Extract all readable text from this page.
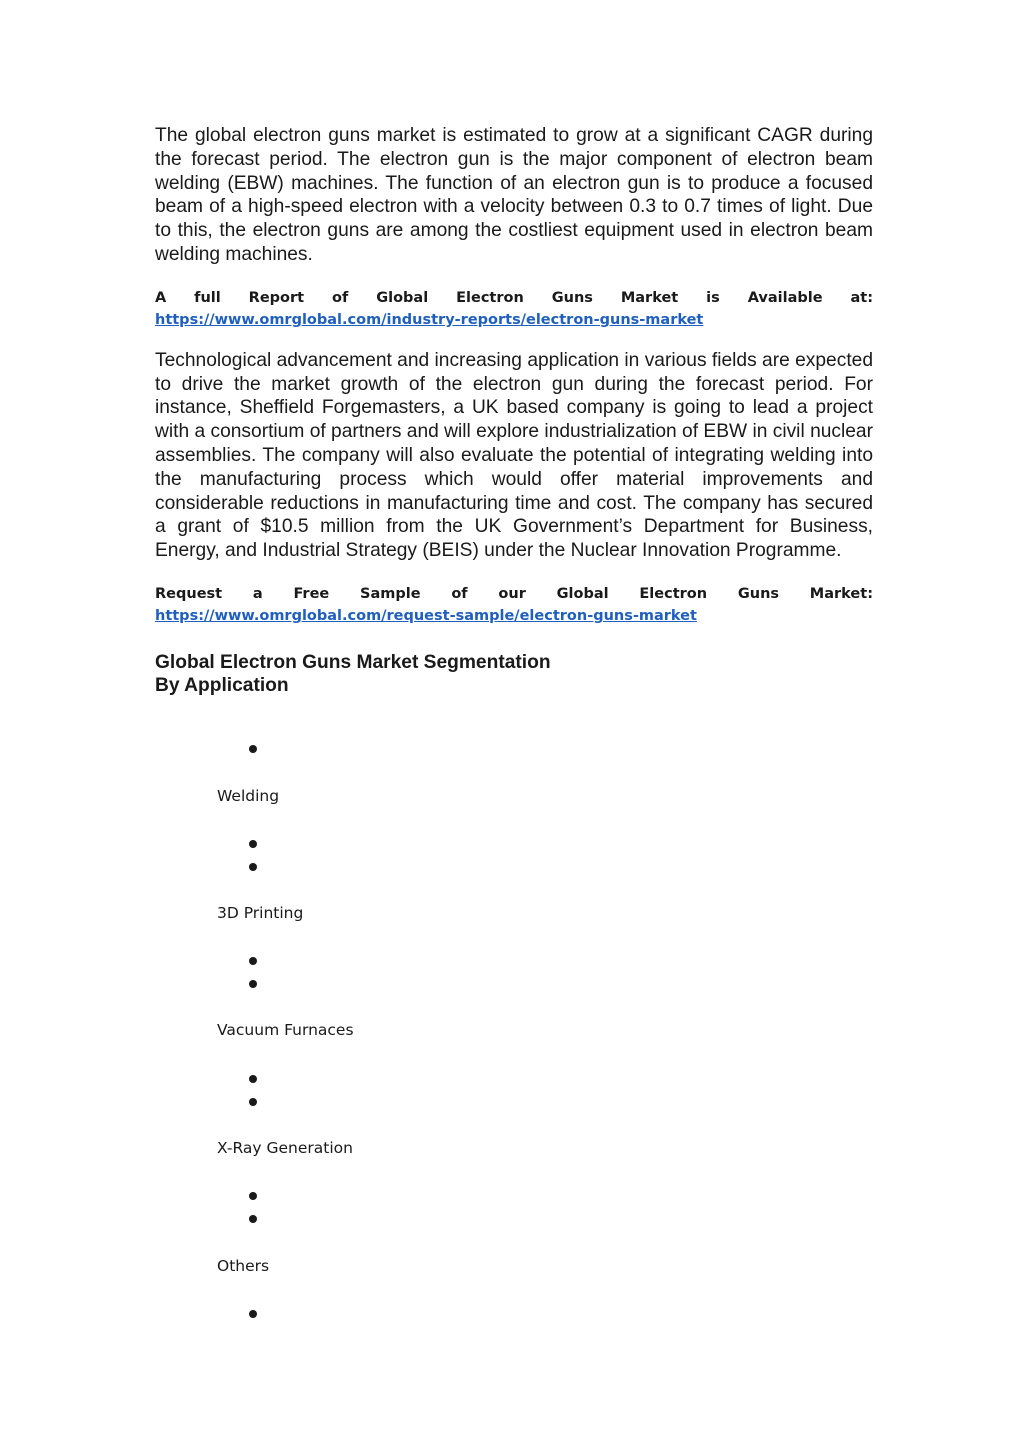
The global electron guns market is estimated to grow at a significant CAGR during the forecast period. The electron gun is the major component of electron beam welding (EBW) machines. The function of an electron gun is to produce a focused beam of a high-speed electron with a velocity between 0.3 to 0.7 times of light. Due to this, the electron guns are among the costliest equipment used in electron beam welding machines.

A full Report of Global Electron Guns Market is Available at:

https://www.omrglobal.com/industry-reports/electron-guns-market

Technological advancement and increasing application in various fields are expected to drive the market growth of the electron gun during the forecast period. For instance, Sheffield Forgemasters, a UK based company is going to lead a project with a consortium of partners and will explore industrialization of EBW in civil nuclear assemblies. The company will also evaluate the potential of integrating welding into the manufacturing process which would offer material improvements and considerable reductions in manufacturing time and cost. The company has secured a grant of $10.5 million from the UK Government’s Department for Business, Energy, and Industrial Strategy (BEIS) under the Nuclear Innovation Programme.

Request a Free Sample of our Global Electron Guns Market:

https://www.omrglobal.com/request-sample/electron-guns-market
Global Electron Guns Market Segmentation
By Application
Welding
3D Printing
Vacuum Furnaces
X-Ray Generation
Others
